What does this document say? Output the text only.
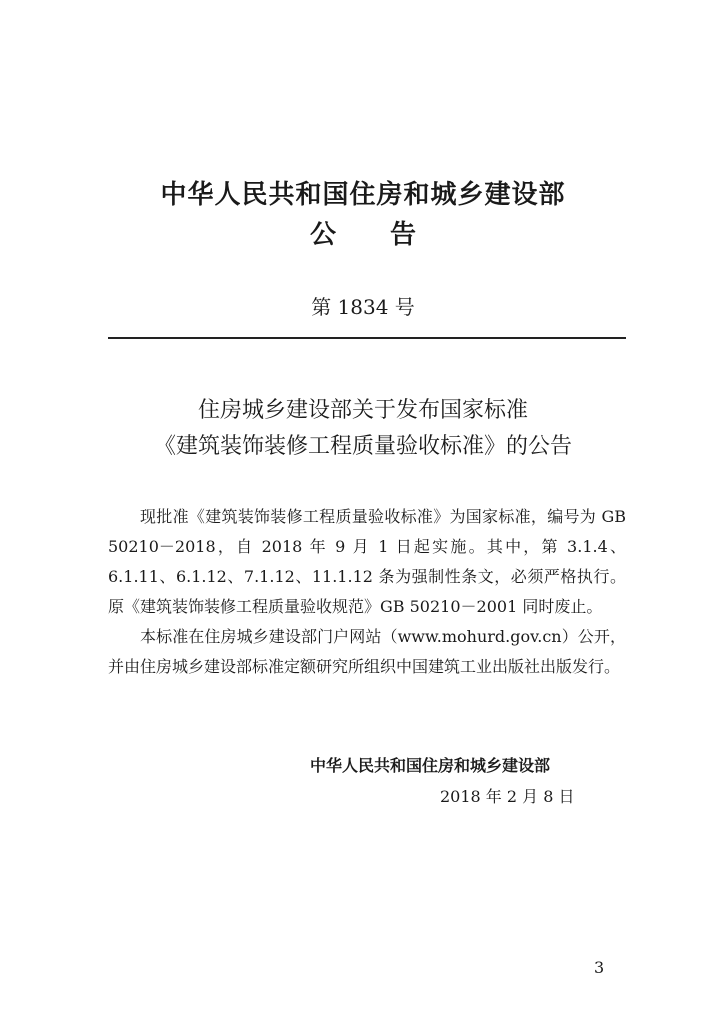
中华人民共和国住房和城乡建设部
公 告
第 1834 号
住房城乡建设部关于发布国家标准
《建筑装饰装修工程质量验收标准》的公告

现批准《建筑装饰装修工程质量验收标准》为国家标准，编号为 GB 50210－2018，自 2018 年 9 月 1 日起实施。其中，第 3.1.4、6.1.11、6.1.12、7.1.12、11.1.12 条为强制性条文，必须严格执行。原《建筑装饰装修工程质量验收规范》GB 50210－2001 同时废止。

本标准在住房城乡建设部门户网站（www.mohurd.gov.cn）公开，并由住房城乡建设部标准定额研究所组织中国建筑工业出版社出版发行。

中华人民共和国住房和城乡建设部
2018 年 2 月 8 日
3
